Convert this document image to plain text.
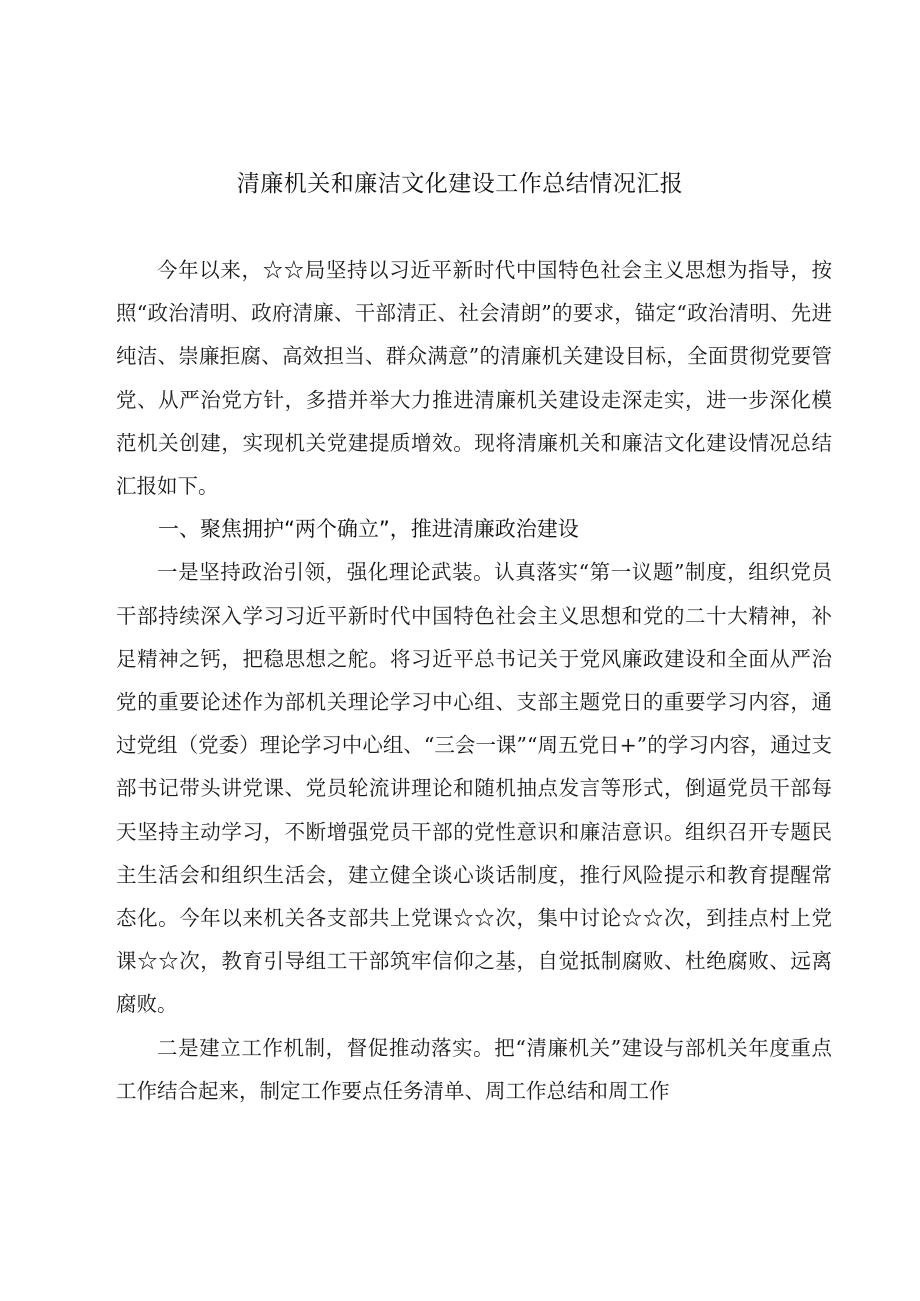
清廉机关和廉洁文化建设工作总结情况汇报

今年以来，☆☆局坚持以习近平新时代中国特色社会主义思想为指导，按照“政治清明、政府清廉、干部清正、社会清朗”的要求，锚定“政治清明、先进纯洁、崇廉拒腐、高效担当、群众满意”的清廉机关建设目标，全面贯彻党要管党、从严治党方针，多措并举大力推进清廉机关建设走深走实，进一步深化模范机关创建，实现机关党建提质增效。现将清廉机关和廉洁文化建设情况总结汇报如下。

一、聚焦拥护“两个确立”，推进清廉政治建设

一是坚持政治引领，强化理论武装。认真落实“第一议题”制度，组织党员干部持续深入学习习近平新时代中国特色社会主义思想和党的二十大精神，补足精神之钙，把稳思想之舵。将习近平总书记关于党风廉政建设和全面从严治党的重要论述作为部机关理论学习中心组、支部主题党日的重要学习内容，通过党组（党委）理论学习中心组、“三会一课”“周五党日+”的学习内容，通过支部书记带头讲党课、党员轮流讲理论和随机抽点发言等形式，倒逼党员干部每天坚持主动学习，不断增强党员干部的党性意识和廉洁意识。组织召开专题民主生活会和组织生活会，建立健全谈心谈话制度，推行风险提示和教育提醒常态化。今年以来机关各支部共上党课☆☆次，集中讨论☆☆次，到挂点村上党课☆☆次，教育引导组工干部筑牢信仰之基，自觉抵制腐败、杜绝腐败、远离腐败。

二是建立工作机制，督促推动落实。把“清廉机关”建设与部机关年度重点工作结合起来，制定工作要点任务清单、周工作总结和周工作
